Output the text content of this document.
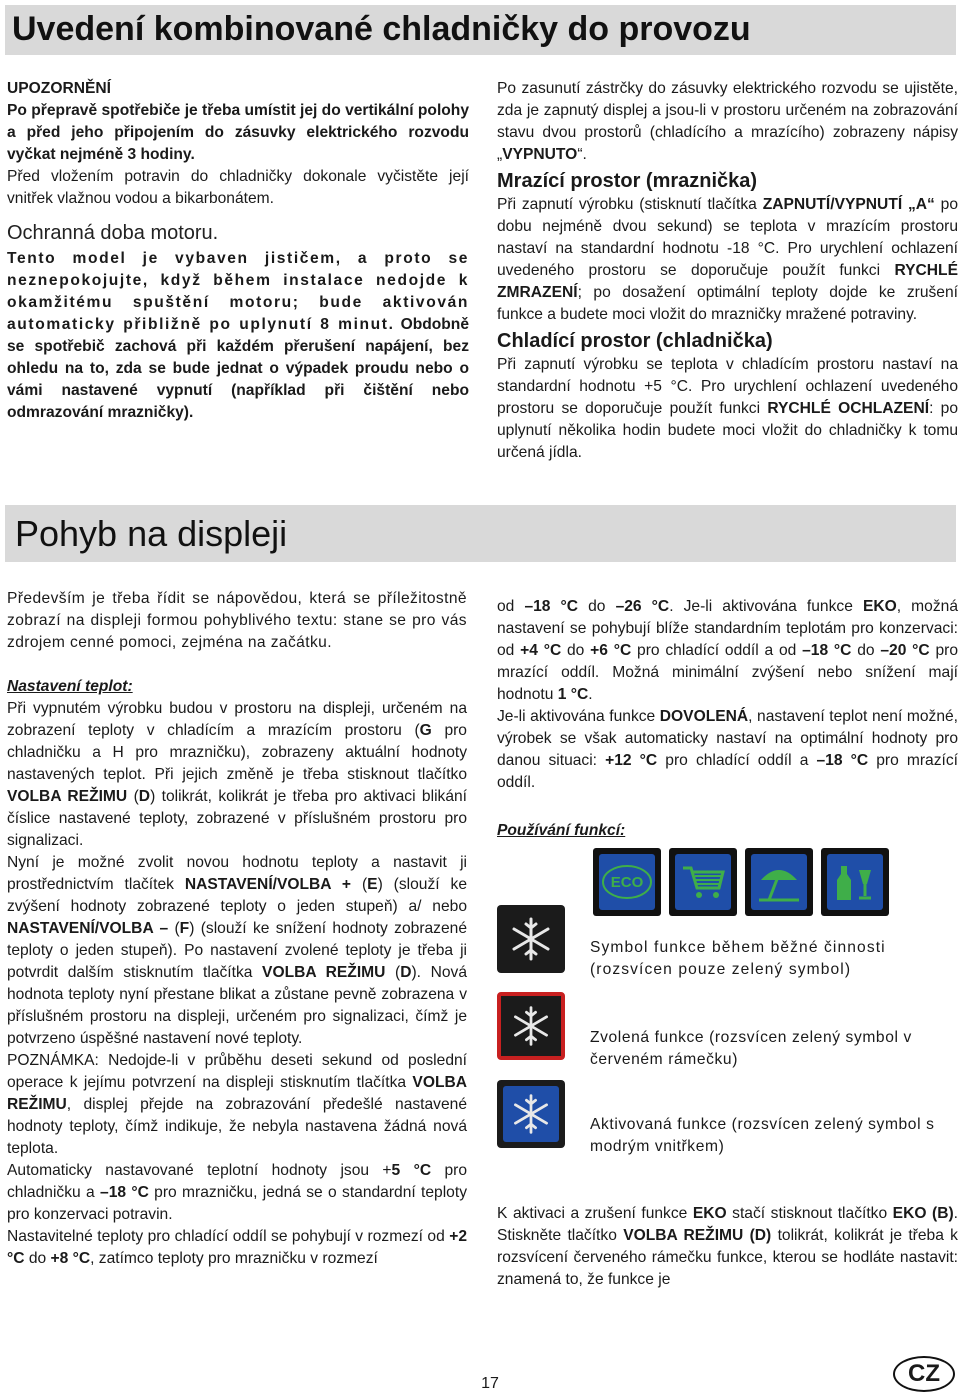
Uvedení kombinované chladničky do provozu

UPOZORNĚNÍ

Po přepravě spotřebiče je třeba umístit jej do vertikální polohy a před jeho připojením do zásuvky elektrického rozvodu vyčkat nejméně 3 hodiny.

Před vložením potravin do chladničky dokonale vyčistěte její vnitřek vlažnou vodou a bikarbonátem.

Ochranná doba motoru.

Tento model je vybaven jističem, a proto se neznepokojujte, když během instalace nedojde k okamžitému spuštění motoru; bude aktivován automaticky přibližně po uplynutí 8 minut. Obdobně se spotřebič zachová při každém přerušení napájení, bez ohledu na to, zda se bude jednat o výpadek proudu nebo o vámi nastavené vypnutí (například při čištění nebo odmrazování mrazničky).

Po zasunutí zástrčky do zásuvky elektrického rozvodu se ujistěte, zda je zapnutý displej a jsou-li v prostoru určeném na zobrazování stavu dvou prostorů (chladícího a mrazícího) zobrazeny nápisy „VYPNUTO“.

Mrazící prostor (mraznička)

Při zapnutí výrobku (stisknutí tlačítka ZAPNUTÍ/VYPNUTÍ „A“ po dobu nejméně dvou sekund) se teplota v mrazícím prostoru nastaví na standardní hodnotu -18 °C. Pro urychlení ochlazení uvedeného prostoru se doporučuje použít funkci RYCHLÉ ZMRAZENÍ; po dosažení optimální teploty dojde ke zrušení funkce a budete moci vložit do mrazničky mražené potraviny.

Chladící prostor (chladnička)

Při zapnutí výrobku se teplota v chladícím prostoru nastaví na standardní hodnotu +5 °C. Pro urychlení ochlazení uvedeného prostoru se doporučuje použít funkci RYCHLÉ OCHLAZENÍ: po uplynutí několika hodin budete moci vložit do chladničky k tomu určená jídla.

Pohyb na displeji

Především je třeba řídit se nápovědou, která se příležitostně zobrazí na displeji formou pohyblivého textu: stane se pro vás zdrojem cenné pomoci, zejména na začátku.

Nastavení teplot:

Při vypnutém výrobku budou v prostoru na displeji, určeném na zobrazení teploty v chladícím a mrazícím prostoru (G pro chladničku a H pro mrazničku), zobrazeny aktuální hodnoty nastavených teplot. Při jejich změně je třeba stisknout tlačítko VOLBA REŽIMU (D) tolikrát, kolikrát je třeba pro aktivaci blikání číslice nastavené teploty, zobrazené v příslušném prostoru pro signalizaci.

Nyní je možné zvolit novou hodnotu teploty a nastavit ji prostřednictvím tlačítek NASTAVENÍ/VOLBA + (E) (slouží ke zvýšení hodnoty zobrazené teploty o jeden stupeň) a/ nebo NASTAVENÍ/VOLBA – (F) (slouží ke snížení hodnoty zobrazené teploty o jeden stupeň). Po nastavení zvolené teploty je třeba ji potvrdit dalším stisknutím tlačítka VOLBA REŽIMU (D). Nová hodnota teploty nyní přestane blikat a zůstane pevně zobrazena v příslušném prostoru na displeji, určeném pro signalizaci, čímž je potvrzeno úspěšné nastavení nové teploty.

POZNÁMKA: Nedojde-li v průběhu deseti sekund od poslední operace k jejímu potvrzení na displeji stisknutím tlačítka VOLBA REŽIMU, displej přejde na zobrazování předešlé nastavené hodnoty teploty, čímž indikuje, že nebyla nastavena žádná nová teplota.

Automaticky nastavované teplotní hodnoty jsou +5 °C pro chladničku a –18 °C pro mrazničku, jedná se o standardní teploty pro konzervaci potravin.

Nastavitelné teploty pro chladící oddíl se pohybují v rozmezí od +2 °C do +8 °C, zatímco teploty pro mrazničku v rozmezí

od –18 °C do –26 °C. Je-li aktivována funkce EKO, možná nastavení se pohybují blíže standardním teplotám pro konzervaci: od +4 °C do +6 °C pro chladící oddíl a od –18 °C do –20 °C pro mrazící oddíl. Možná minimální zvýšení nebo snížení mají hodnotu 1 °C.

Je-li aktivována funkce DOVOLENÁ, nastavení teplot není možné, výrobek se však automaticky nastaví na optimální hodnoty pro danou situaci: +12 °C pro chladící oddíl a –18 °C pro mrazící oddíl.

Používání funkcí:

ECO
Symbol funkce během běžné činnosti (rozsvícen pouze zelený symbol)
Zvolená funkce (rozsvícen zelený symbol v červeném rámečku)
Aktivovaná funkce (rozsvícen zelený symbol s modrým vnitřkem)

K aktivaci a zrušení funkce EKO stačí stisknout tlačítko EKO (B). Stiskněte tlačítko VOLBA REŽIMU (D) tolikrát, kolikrát je třeba k rozsvícení červeného rámečku funkce, kterou se hodláte nastavit: znamená to, že funkce je

17	CZ
